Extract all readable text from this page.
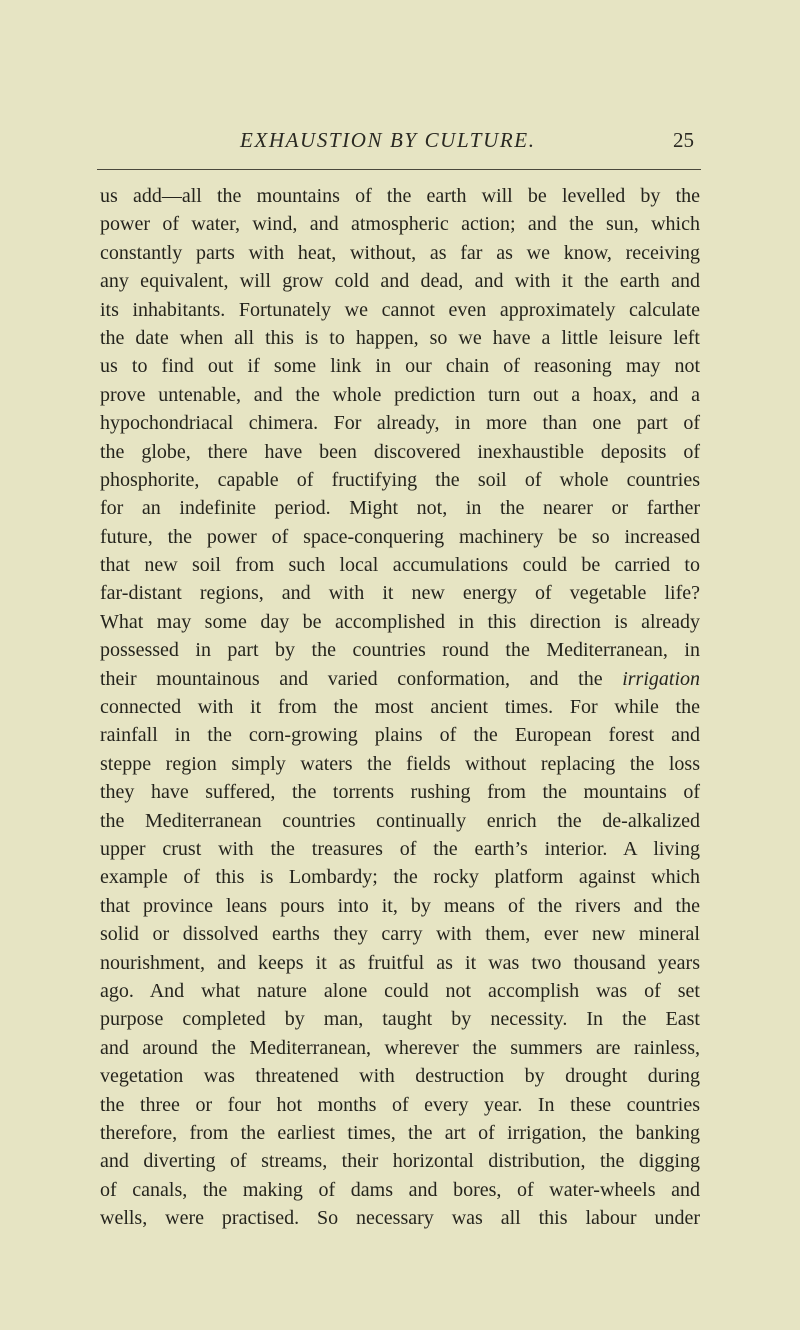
EXHAUSTION BY CULTURE.	25
us add—all the mountains of the earth will be levelled by the
power of water, wind, and atmospheric action; and the sun, which
constantly parts with heat, without, as far as we know, receiving
any equivalent, will grow cold and dead, and with it the earth and
its inhabitants. Fortunately we cannot even approximately calculate
the date when all this is to happen, so we have a little leisure left
us to find out if some link in our chain of reasoning may not
prove untenable, and the whole prediction turn out a hoax, and a
hypochondriacal chimera. For already, in more than one part of
the globe, there have been discovered inexhaustible deposits of
phosphorite, capable of fructifying the soil of whole countries
for an indefinite period. Might not, in the nearer or farther
future, the power of space-conquering machinery be so increased
that new soil from such local accumulations could be carried to
far-distant regions, and with it new energy of vegetable life?
What may some day be accomplished in this direction is already
possessed in part by the countries round the Mediterranean, in
their mountainous and varied conformation, and the irrigation
connected with it from the most ancient times. For while the
rainfall in the corn-growing plains of the European forest and
steppe region simply waters the fields without replacing the loss
they have suffered, the torrents rushing from the mountains of
the Mediterranean countries continually enrich the de-alkalized
upper crust with the treasures of the earth’s interior. A living
example of this is Lombardy; the rocky platform against which
that province leans pours into it, by means of the rivers and the
solid or dissolved earths they carry with them, ever new mineral
nourishment, and keeps it as fruitful as it was two thousand years
ago. And what nature alone could not accomplish was of set
purpose completed by man, taught by necessity. In the East
and around the Mediterranean, wherever the summers are rainless,
vegetation was threatened with destruction by drought during
the three or four hot months of every year. In these countries
therefore, from the earliest times, the art of irrigation, the banking
and diverting of streams, their horizontal distribution, the digging
of canals, the making of dams and bores, of water-wheels and
wells, were practised. So necessary was all this labour under
